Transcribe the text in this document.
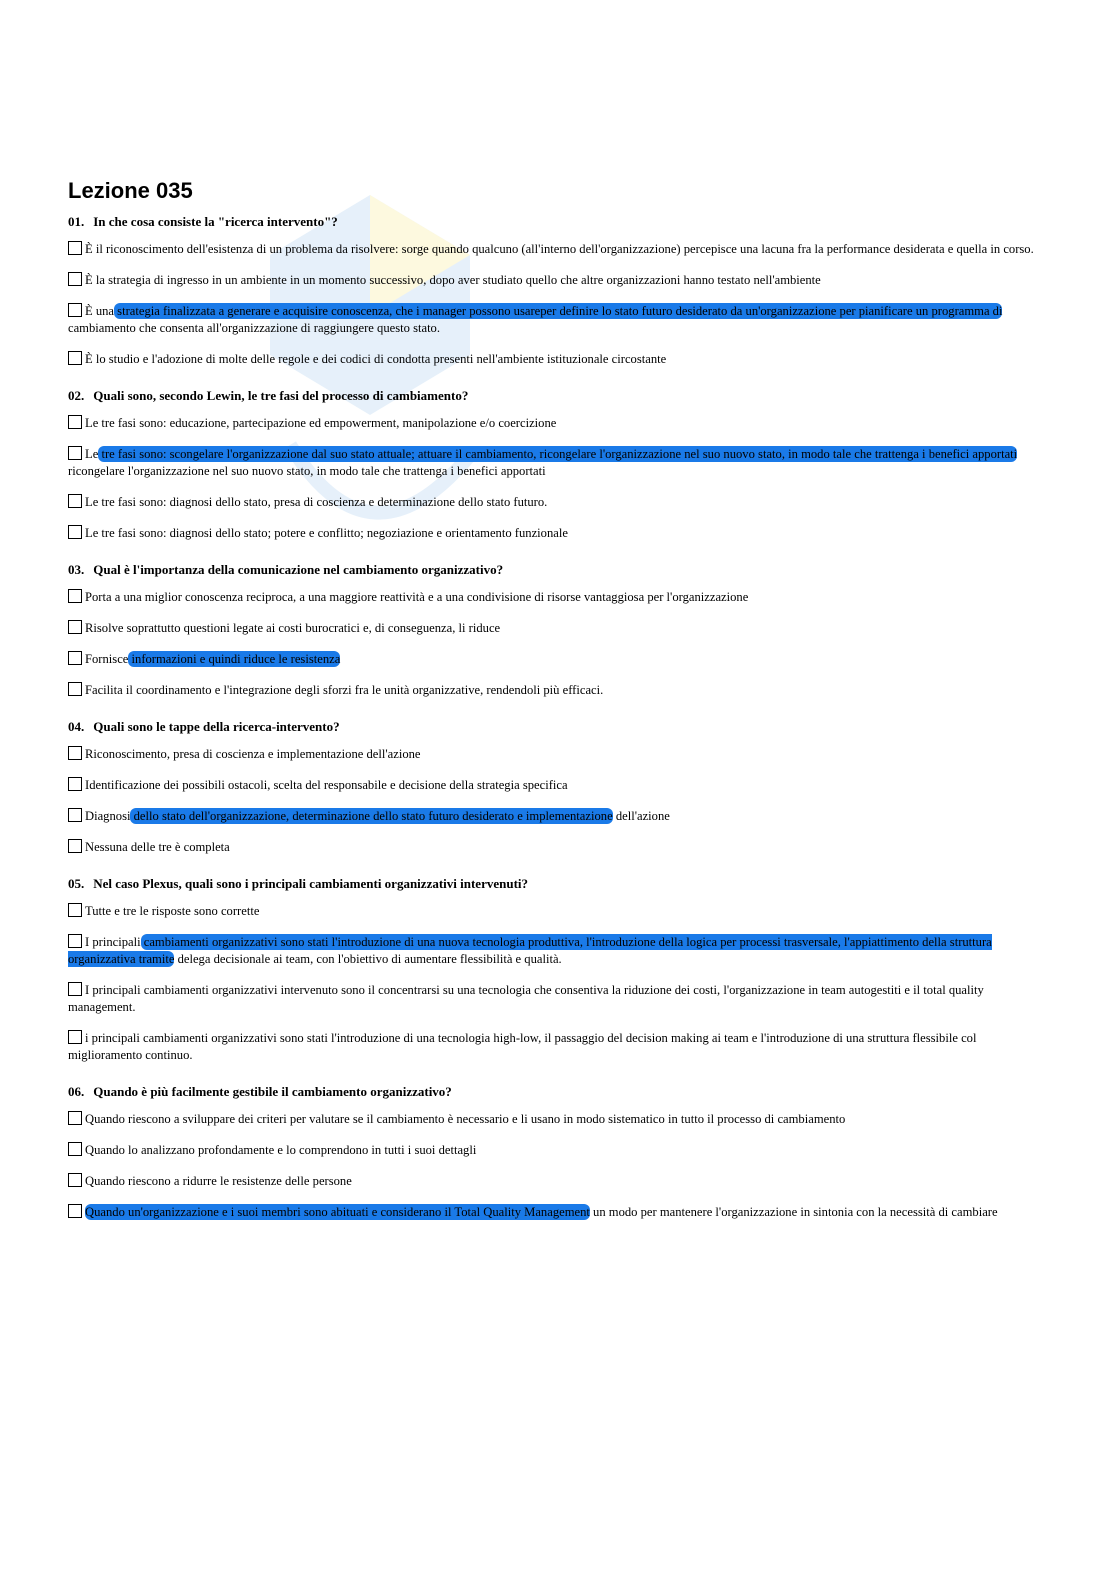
Lezione 035

01. In che cosa consiste la "ricerca intervento"?

È il riconoscimento dell'esistenza di un problema da risolvere: sorge quando qualcuno (all'interno dell'organizzazione) percepisce una lacuna fra la performance desiderata e quella in corso.

È la strategia di ingresso in un ambiente in un momento successivo, dopo aver studiato quello che altre organizzazioni hanno testato nell'ambiente

È una strategia finalizzata a generare e acquisire conoscenza, che i manager possono usareper definire lo stato futuro desiderato da un'organizzazione per pianificare un programma di cambiamento che consenta all'organizzazione di raggiungere questo stato.

È lo studio e l'adozione di molte delle regole e dei codici di condotta presenti nell'ambiente istituzionale circostante

02. Quali sono, secondo Lewin, le tre fasi del processo di cambiamento?

Le tre fasi sono: educazione, partecipazione ed empowerment, manipolazione e/o coercizione

Le tre fasi sono: scongelare l'organizzazione dal suo stato attuale; attuare il cambiamento, ricongelare l'organizzazione nel suo nuovo stato, in modo tale che trattenga i benefici apportati ricongelare l'organizzazione nel suo nuovo stato, in modo tale che trattenga i benefici apportati

Le tre fasi sono: diagnosi dello stato, presa di coscienza e determinazione dello stato futuro.

Le tre fasi sono: diagnosi dello stato; potere e conflitto; negoziazione e orientamento funzionale

03. Qual è l'importanza della comunicazione nel cambiamento organizzativo?

Porta a una miglior conoscenza reciproca, a una maggiore reattività e a una condivisione di risorse vantaggiosa per l'organizzazione

Risolve soprattutto questioni legate ai costi burocratici e, di conseguenza, li riduce

Fornisce informazioni e quindi riduce le resistenza

Facilita il coordinamento e l'integrazione degli sforzi fra le unità organizzative, rendendoli più efficaci.

04. Quali sono le tappe della ricerca-intervento?

Riconoscimento, presa di coscienza e implementazione dell'azione

Identificazione dei possibili ostacoli, scelta del responsabile e decisione della strategia specifica

Diagnosi dello stato dell'organizzazione, determinazione dello stato futuro desiderato e implementazione dell'azione

Nessuna delle tre è completa

05. Nel caso Plexus, quali sono i principali cambiamenti organizzativi intervenuti?

Tutte e tre le risposte sono corrette

I principali cambiamenti organizzativi sono stati l'introduzione di una nuova tecnologia produttiva, l'introduzione della logica per processi trasversale, l'appiattimento della struttura organizzativa tramite delega decisionale ai team, con l'obiettivo di aumentare flessibilità e qualità.

I principali cambiamenti organizzativi intervenuto sono il concentrarsi su una tecnologia che consentiva la riduzione dei costi, l'organizzazione in team autogestiti e il total quality management.

i principali cambiamenti organizzativi sono stati l'introduzione di una tecnologia high-low, il passaggio del decision making ai team e l'introduzione di una struttura flessibile col miglioramento continuo.

06. Quando è più facilmente gestibile il cambiamento organizzativo?

Quando riescono a sviluppare dei criteri per valutare se il cambiamento è necessario e li usano in modo sistematico in tutto il processo di cambiamento

Quando lo analizzano profondamente e lo comprendono in tutti i suoi dettagli

Quando riescono a ridurre le resistenze delle persone

Quando un'organizzazione e i suoi membri sono abituati e considerano il Total Quality Management un modo per mantenere l'organizzazione in sintonia con la necessità di cambiare
